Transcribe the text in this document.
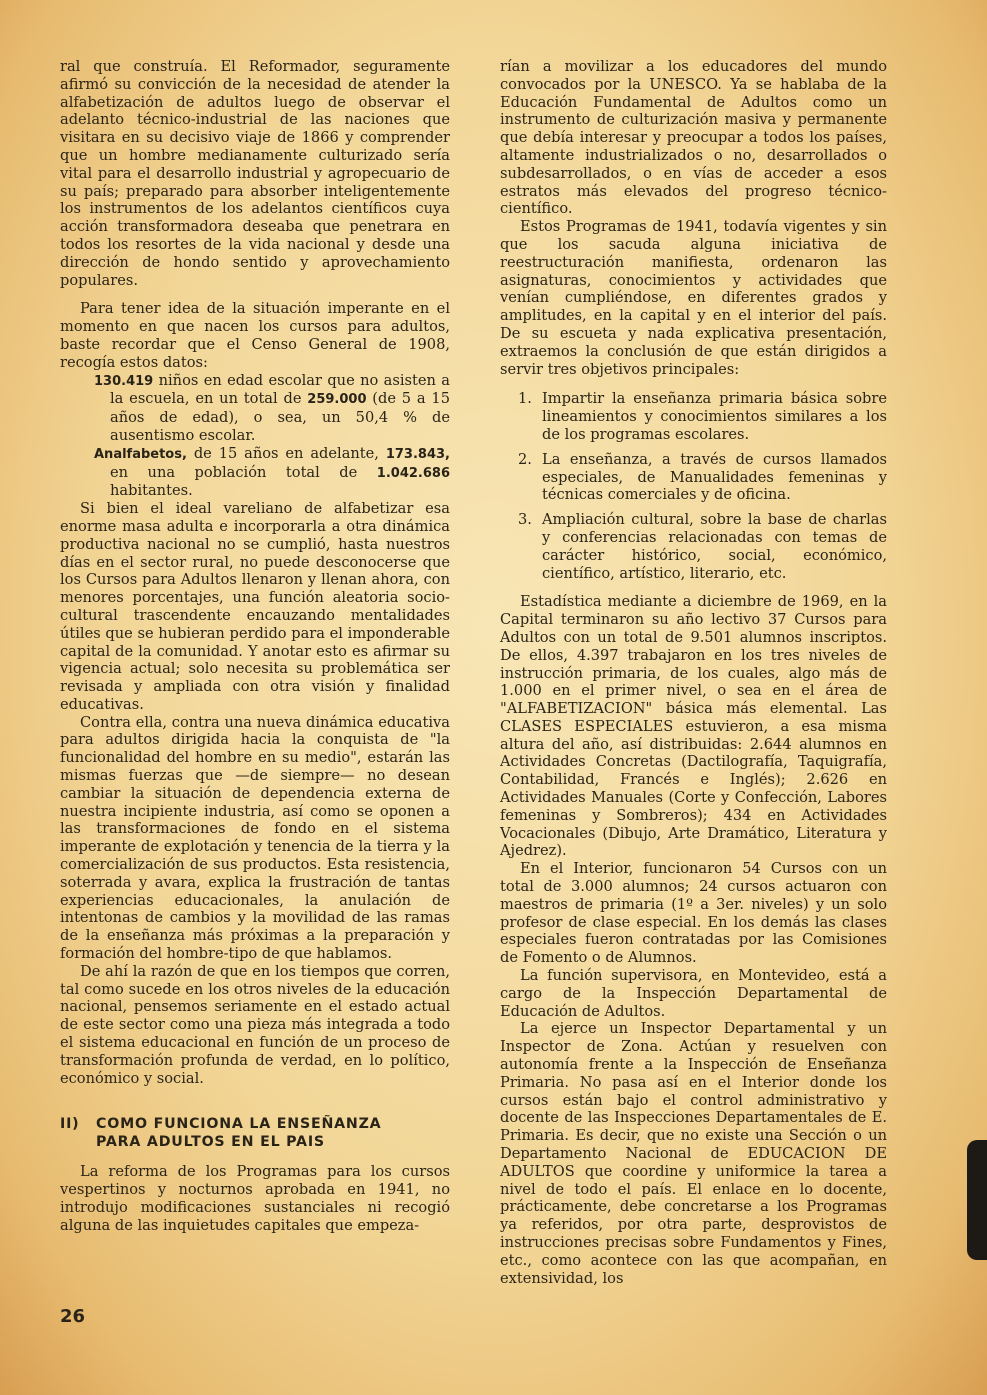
ral que construía. El Reformador, seguramente afirmó su convicción de la necesidad de atender la alfabetización de adultos luego de observar el adelanto técnico-industrial de las naciones que visitara en su decisivo viaje de 1866 y comprender que un hombre medianamente culturizado sería vital para el desarrollo industrial y agropecuario de su país; preparado para absorber inteligentemente los instrumentos de los adelantos científicos cuya acción transformadora deseaba que penetrara en todos los resortes de la vida nacional y desde una dirección de hondo sentido y aprovechamiento populares.

Para tener idea de la situación imperante en el momento en que nacen los cursos para adultos, baste recordar que el Censo General de 1908, recogía estos datos:

130.419 niños en edad escolar que no asisten a la escuela, en un total de 259.000 (de 5 a 15 años de edad), o sea, un 50,4 % de ausentismo escolar.

Analfabetos, de 15 años en adelante, 173.843, en una población total de 1.042.686 habitantes.

Si bien el ideal vareliano de alfabetizar esa enorme masa adulta e incorporarla a otra dinámica productiva nacional no se cumplió, hasta nuestros días en el sector rural, no puede desconocerse que los Cursos para Adultos llenaron y llenan ahora, con menores porcentajes, una función aleatoria socio-cultural trascendente encauzando mentalidades útiles que se hubieran perdido para el imponderable capital de la comunidad. Y anotar esto es afirmar su vigencia actual; solo necesita su problemática ser revisada y ampliada con otra visión y finalidad educativas.

Contra ella, contra una nueva dinámica educativa para adultos dirigida hacia la conquista de "la funcionalidad del hombre en su medio", estarán las mismas fuerzas que —de siempre— no desean cambiar la situación de dependencia externa de nuestra incipiente industria, así como se oponen a las transformaciones de fondo en el sistema imperante de explotación y tenencia de la tierra y la comercialización de sus productos. Esta resistencia, soterrada y avara, explica la frustración de tantas experiencias educacionales, la anulación de intentonas de cambios y la movilidad de las ramas de la enseñanza más próximas a la preparación y formación del hombre-tipo de que hablamos.

De ahí la razón de que en los tiempos que corren, tal como sucede en los otros niveles de la educación nacional, pensemos seriamente en el estado actual de este sector como una pieza más integrada a todo el sistema educacional en función de un proceso de transformación profunda de verdad, en lo político, económico y social.

II) COMO FUNCIONA LA ENSEÑANZA
PARA ADULTOS EN EL PAIS

La reforma de los Programas para los cursos vespertinos y nocturnos aprobada en 1941, no introdujo modificaciones sustanciales ni recogió alguna de las inquietudes capitales que empeza-

rían a movilizar a los educadores del mundo convocados por la UNESCO. Ya se hablaba de la Educación Fundamental de Adultos como un instrumento de culturización masiva y permanente que debía interesar y preocupar a todos los países, altamente industrializados o no, desarrollados o subdesarrollados, o en vías de acceder a esos estratos más elevados del progreso técnico-científico.

Estos Programas de 1941, todavía vigentes y sin que los sacuda alguna iniciativa de reestructuración manifiesta, ordenaron las asignaturas, conocimientos y actividades que venían cumpliéndose, en diferentes grados y amplitudes, en la capital y en el interior del país. De su escueta y nada explicativa presentación, extraemos la conclusión de que están dirigidos a servir tres objetivos principales:

1. Impartir la enseñanza primaria básica sobre lineamientos y conocimientos similares a los de los programas escolares.
2. La enseñanza, a través de cursos llamados especiales, de Manualidades femeninas y técnicas comerciales y de oficina.
3. Ampliación cultural, sobre la base de charlas y conferencias relacionadas con temas de carácter histórico, social, económico, científico, artístico, literario, etc.

Estadística mediante a diciembre de 1969, en la Capital terminaron su año lectivo 37 Cursos para Adultos con un total de 9.501 alumnos inscriptos. De ellos, 4.397 trabajaron en los tres niveles de instrucción primaria, de los cuales, algo más de 1.000 en el primer nivel, o sea en el área de "ALFABETIZACION" básica más elemental. Las CLASES ESPECIALES estuvieron, a esa misma altura del año, así distribuidas: 2.644 alumnos en Actividades Concretas (Dactilografía, Taquigrafía, Contabilidad, Francés e Inglés); 2.626 en Actividades Manuales (Corte y Confección, Labores femeninas y Sombreros); 434 en Actividades Vocacionales (Dibujo, Arte Dramático, Literatura y Ajedrez).

En el Interior, funcionaron 54 Cursos con un total de 3.000 alumnos; 24 cursos actuaron con maestros de primaria (1º a 3er. niveles) y un solo profesor de clase especial. En los demás las clases especiales fueron contratadas por las Comisiones de Fomento o de Alumnos.

La función supervisora, en Montevideo, está a cargo de la Inspección Departamental de Educación de Adultos.

La ejerce un Inspector Departamental y un Inspector de Zona. Actúan y resuelven con autonomía frente a la Inspección de Enseñanza Primaria. No pasa así en el Interior donde los cursos están bajo el control administrativo y docente de las Inspecciones Departamentales de E. Primaria. Es decir, que no existe una Sección o un Departamento Nacional de EDUCACION DE ADULTOS que coordine y uniformice la tarea a nivel de todo el país. El enlace en lo docente, prácticamente, debe concretarse a los Programas ya referidos, por otra parte, desprovistos de instrucciones precisas sobre Fundamentos y Fines, etc., como acontece con las que acompañan, en extensividad, los

26
